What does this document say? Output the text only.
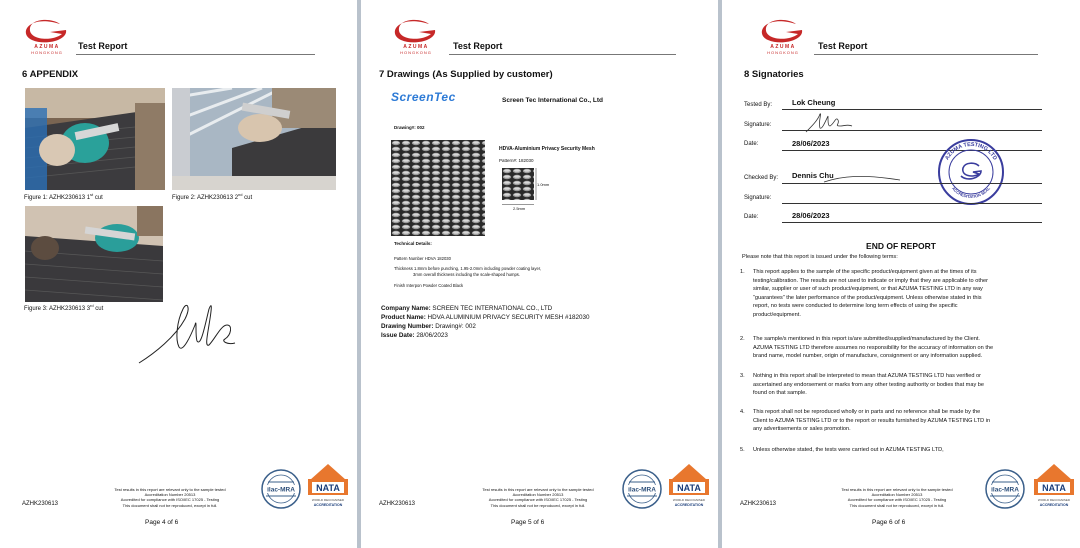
AZUMA
HONGKONG
Test Report
6 APPENDIX
Figure 1: AZHK230613 1st cut	Figure 2: AZHK230613 2nd cut
Figure 3: AZHK230613 3rd cut
AZHK230613
Test results in this report are relevant only to the sample tested
Accreditation Number 20513
Accredited for compliance with ISO/IEC 17025 - Testing
This document shall not be reproduced, except in full.
Page 4 of 6
ilac-MRA NATA
WORLD RECOGNISED
ACCREDITATION
AZUMA
HONGKONG
Test Report
7 Drawings (As Supplied by customer)
ScreenTec	Screen Tec International Co., Ltd
Drawing#: 002
HDVA-Aluminium Privacy Security Mesh
Pattern#: 182030
1.0mm
2.5mm
Technical Details:
Pattern Number HDVA 182030
Thickness 1.8mm before punching, 1.95-2.0mm including powder coating layer,
3mm overall thickness including the scale-shaped humps.
Finish Interpon Powder Coated Black
Company Name: SCREEN TEC INTERNATIONAL CO., LTD
Product Name: HDVA ALUMINIUM PRIVACY SECURITY MESH #182030
Drawing Number: Drawing#: 002
Issue Date: 28/06/2023
AZHK230613
Test results in this report are relevant only to the sample tested
Accreditation Number 20513
Accredited for compliance with ISO/IEC 17025 - Testing
This document shall not be reproduced, except in full.
Page 5 of 6
ilac-MRA NATA
WORLD RECOGNISED
ACCREDITATION
AZUMA
HONGKONG
Test Report
8 Signatories
Tested By:	Lok Cheung
Signature:
Date:	28/06/2023
AZUMA TESTING LTD
ACCREDITATION SEAL
Checked By: Dennis Chu
Signature:
Date:	28/06/2023
END OF REPORT
Please note that this report is issued under the following terms:
1. This report applies to the sample of the specific product/equipment given at the times of its
testing/calibration. The results are not used to indicate or imply that they are applicable to other
similar, supplier or user of such product/equipment, or that AZUMA TESTING LTD in any way
“guarantees” the later performance of the product/equipment. Unless otherwise stated in this
report, no tests were conducted to determine long term effects of using the specific
product/equipment.
2. The sample/s mentioned in this report is/are submitted/supplied/manufactured by the Client.
AZUMA TESTING LTD therefore assumes no responsibility for the accuracy of information on the
brand name, model number, origin of manufacture, consignment or any information supplied.
3. Nothing in this report shall be interpreted to mean that AZUMA TESTING LTD has verified or
ascertained any endorsement or marks from any other testing authority or bodies that may be
found on that sample.
4. This report shall not be reproduced wholly or in parts and no reference shall be made by the
Client to AZUMA TESTING LTD or to the report or results furnished by AZUMA TESTING LTD in
any advertisements or sales promotion.
5. Unless otherwise stated, the tests were carried out in AZUMA TESTING LTD,
AZHK230613
Test results in this report are relevant only to the sample tested
Accreditation Number 20513
Accredited for compliance with ISO/IEC 17025 - Testing
This document shall not be reproduced, except in full.
Page 6 of 6
ilac-MRA	NATA
WORLD RECOGNISED
ACCREDITATION
